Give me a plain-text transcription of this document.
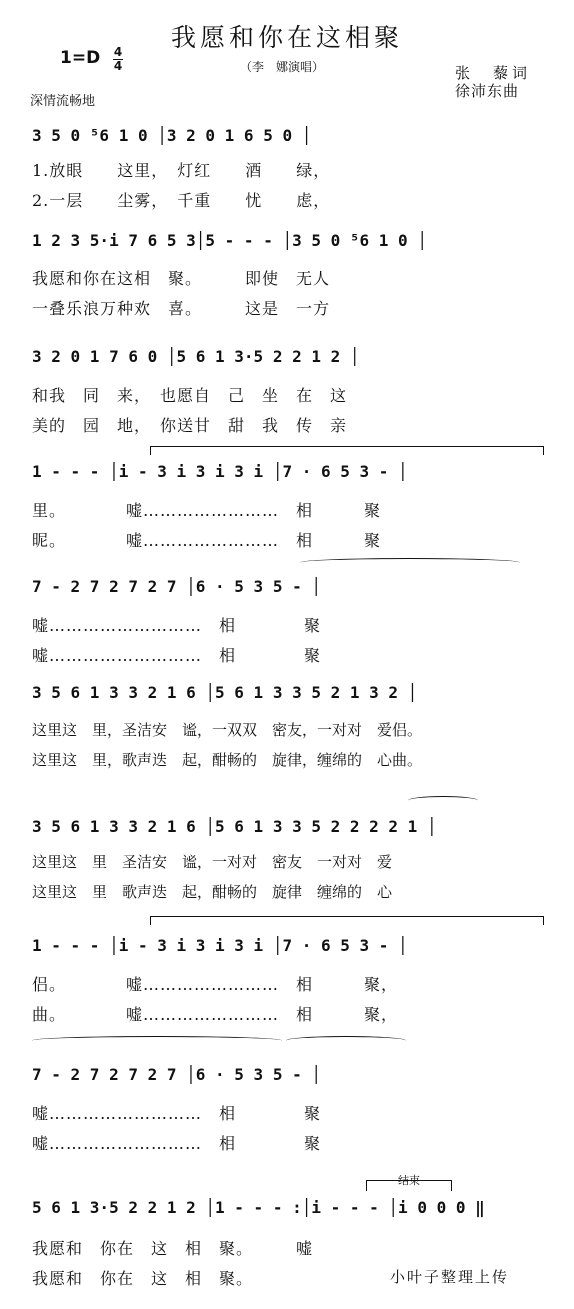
我愿和你在这相聚
（李　娜演唱）
1=D 4
4
深情流畅地
张　藜词
徐沛东曲
3 5 0 ⁵6 1 0 │3 2 0 1 6 5 0 │
1.放眼　　这里，　灯红　　酒　　绿，
2.一层　　尘雾，　千重　　忧　　虑，
1 2 3 5·i 7 6 5 3│5 - - - │3 5 0 ⁵6 1 0 │
我愿和你在这相　聚。　　　即使　无人
一叠乐浪万种欢　喜。　　　这是　一方
3 2 0 1 7 6 0 │5 6 1 3·5 2 2 1 2 │
和我　同　来，　也愿自　己　坐　在　这
美的　园　地，　你送甘　甜　我　传　亲
1 - - - │i - 3 i 3 i 3 i │7 · 6 5 3 - │
里。　　　　嘘……………………　相　　　聚
昵。　　　　嘘……………………　相　　　聚
7 - 2 7 2 7 2 7 │6 · 5 3 5 - │
嘘………………………　相　　　　聚
嘘………………………　相　　　　聚
3 5 6 1 3 3 2 1 6 │5 6 1 3 3 5 2 1 3 2 │
这里这　里，圣洁安　谧，一双双　密友，一对对　爱侣。
这里这　里，歌声迭　起，酣畅的　旋律，缠绵的　心曲。
3 5 6 1 3 3 2 1 6 │5 6 1 3 3 5 2 2 2 2 1 │
这里这　里　圣洁安　谧，一对对　密友　一对对　爱
这里这　里　歌声迭　起，酣畅的　旋律　缠绵的　心
1 - - - │i - 3 i 3 i 3 i │7 · 6 5 3 - │
侣。　　　　嘘……………………　相　　　聚，
曲。　　　　嘘……………………　相　　　聚，
7 - 2 7 2 7 2 7 │6 · 5 3 5 - │
嘘………………………　相　　　　聚
嘘………………………　相　　　　聚
结束
5 6 1 3·5 2 2 1 2 │1 - - - :│i - - - │i 0 0 0 ‖
我愿和　你在　这　相　聚。　　　嘘
我愿和　你在　这　相　聚。	小叶子整理上传
